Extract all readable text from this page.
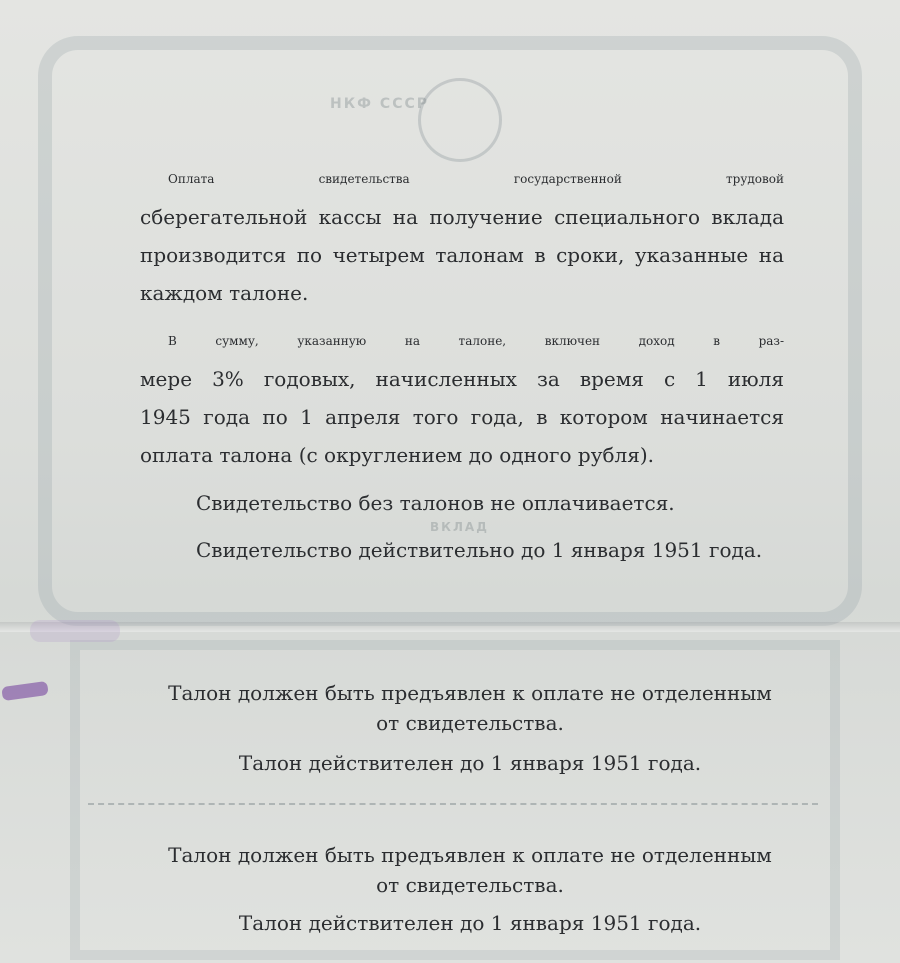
НКФ СССР
ВКЛАД
Оплата свидетельства государственной трудовой
сберегательной кассы на получение специального вклада
производится по четырем талонам в сроки, указанные на
каждом талоне.
В сумму, указанную на талоне, включен доход в раз-
мере 3% годовых, начисленных за время с 1 июля
1945 года по 1 апреля того года, в котором начинается
оплата талона (с округлением до одного рубля).
Свидетельство без талонов не оплачивается.
Свидетельство действительно до 1 января 1951 года.
Талон должен быть предъявлен к оплате не отделенным
от свидетельства.
Талон действителен до 1 января 1951 года.
Талон должен быть предъявлен к оплате не отделенным
от свидетельства.
Талон действителен до 1 января 1951 года.
